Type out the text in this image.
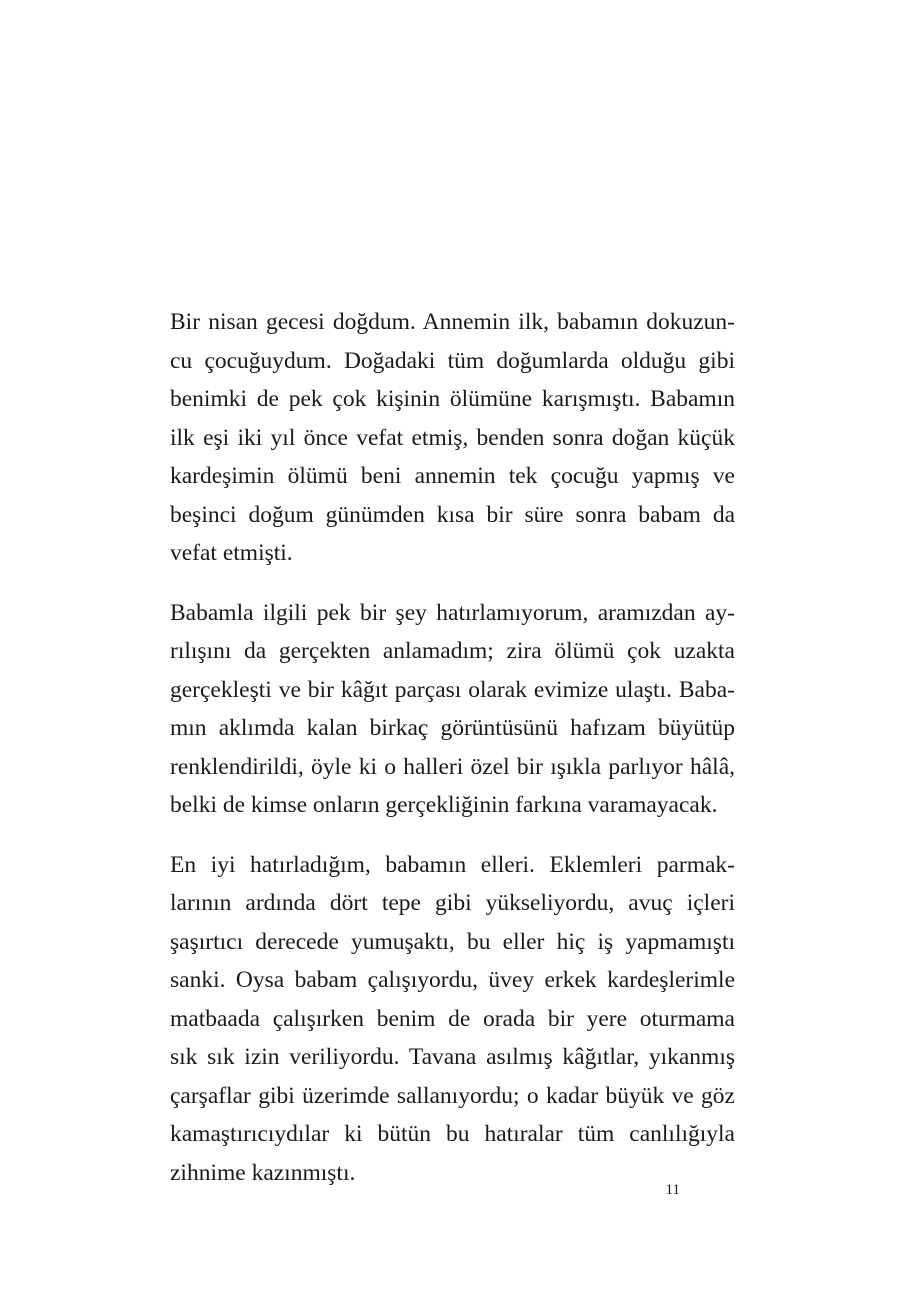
Bir nisan gecesi doğdum. Annemin ilk, babamın dokuzun-
cu çocuğuydum. Doğadaki tüm doğumlarda olduğu gibi
benimki de pek çok kişinin ölümüne karışmıştı. Babamın
ilk eşi iki yıl önce vefat etmiş, benden sonra doğan küçük
kardeşimin ölümü beni annemin tek çocuğu yapmış ve
beşinci doğum günümden kısa bir süre sonra babam da
vefat etmişti.

Babamla ilgili pek bir şey hatırlamıyorum, aramızdan ay-
rılışını da gerçekten anlamadım; zira ölümü çok uzakta
gerçekleşti ve bir kâğıt parçası olarak evimize ulaştı. Baba-
mın aklımda kalan birkaç görüntüsünü hafızam büyütüp
renklendirildi, öyle ki o halleri özel bir ışıkla parlıyor hâlâ,
belki de kimse onların gerçekliğinin farkına varamayacak.

En iyi hatırladığım, babamın elleri. Eklemleri parmak-
larının ardında dört tepe gibi yükseliyordu, avuç içleri
şaşırtıcı derecede yumuşaktı, bu eller hiç iş yapmamıştı
sanki. Oysa babam çalışıyordu, üvey erkek kardeşlerimle
matbaada çalışırken benim de orada bir yere oturmama
sık sık izin veriliyordu. Tavana asılmış kâğıtlar, yıkanmış
çarşaflar gibi üzerimde sallanıyordu; o kadar büyük ve göz
kamaştırıcıydılar ki bütün bu hatıralar tüm canlılığıyla
zihnime kazınmıştı.

11
